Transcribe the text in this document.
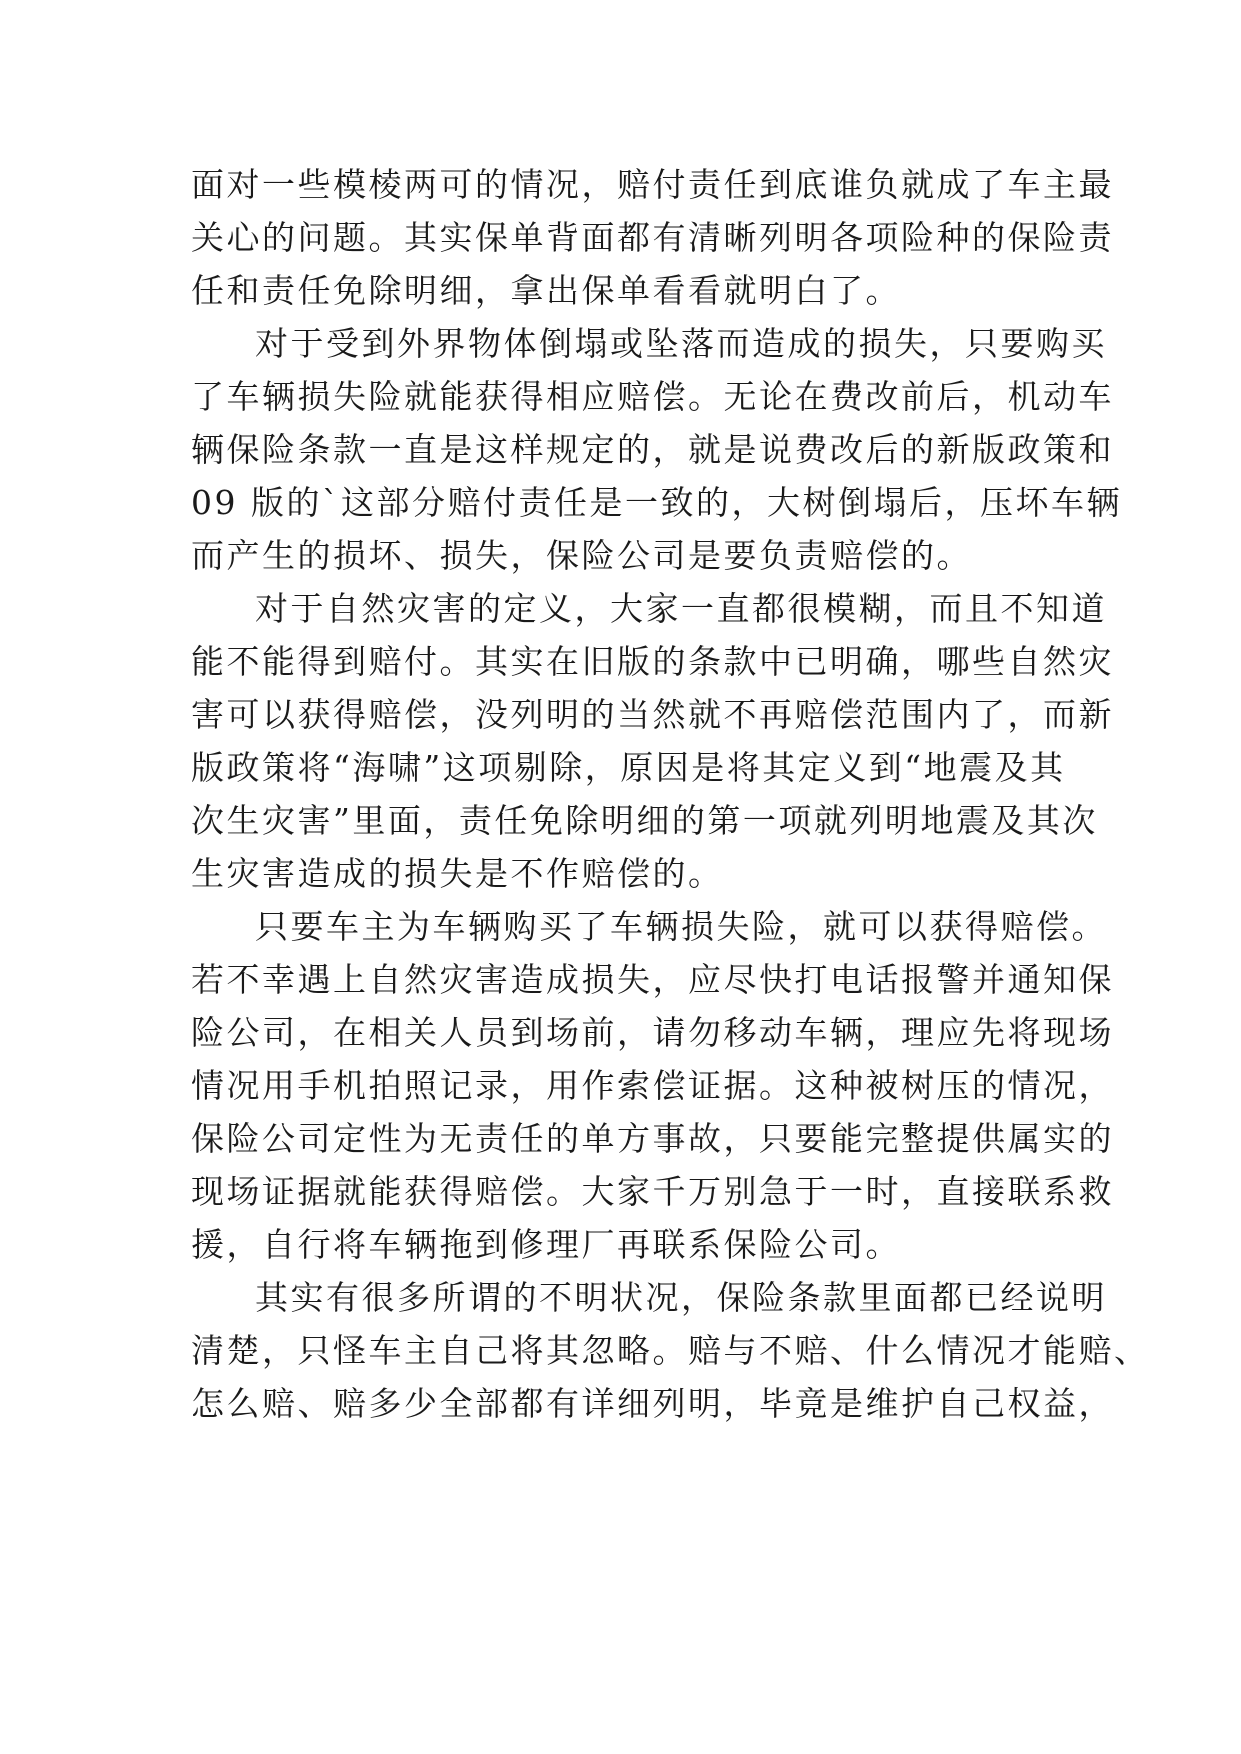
面对一些模棱两可的情况，赔付责任到底谁负就成了车主最
关心的问题。其实保单背面都有清晰列明各项险种的保险责
任和责任免除明细，拿出保单看看就明白了。
对于受到外界物体倒塌或坠落而造成的损失，只要购买
了车辆损失险就能获得相应赔偿。无论在费改前后，机动车
辆保险条款一直是这样规定的，就是说费改后的新版政策和
09 版的`这部分赔付责任是一致的，大树倒塌后，压坏车辆
而产生的损坏、损失，保险公司是要负责赔偿的。
对于自然灾害的定义，大家一直都很模糊，而且不知道
能不能得到赔付。其实在旧版的条款中已明确，哪些自然灾
害可以获得赔偿，没列明的当然就不再赔偿范围内了，而新
版政策将“海啸”这项剔除，原因是将其定义到“地震及其
次生灾害”里面，责任免除明细的第一项就列明地震及其次
生灾害造成的损失是不作赔偿的。
只要车主为车辆购买了车辆损失险，就可以获得赔偿。
若不幸遇上自然灾害造成损失，应尽快打电话报警并通知保
险公司，在相关人员到场前，请勿移动车辆，理应先将现场
情况用手机拍照记录，用作索偿证据。这种被树压的情况，
保险公司定性为无责任的单方事故，只要能完整提供属实的
现场证据就能获得赔偿。大家千万别急于一时，直接联系救
援，自行将车辆拖到修理厂再联系保险公司。
其实有很多所谓的不明状况，保险条款里面都已经说明
清楚，只怪车主自己将其忽略。赔与不赔、什么情况才能赔、
怎么赔、赔多少全部都有详细列明，毕竟是维护自己权益，
